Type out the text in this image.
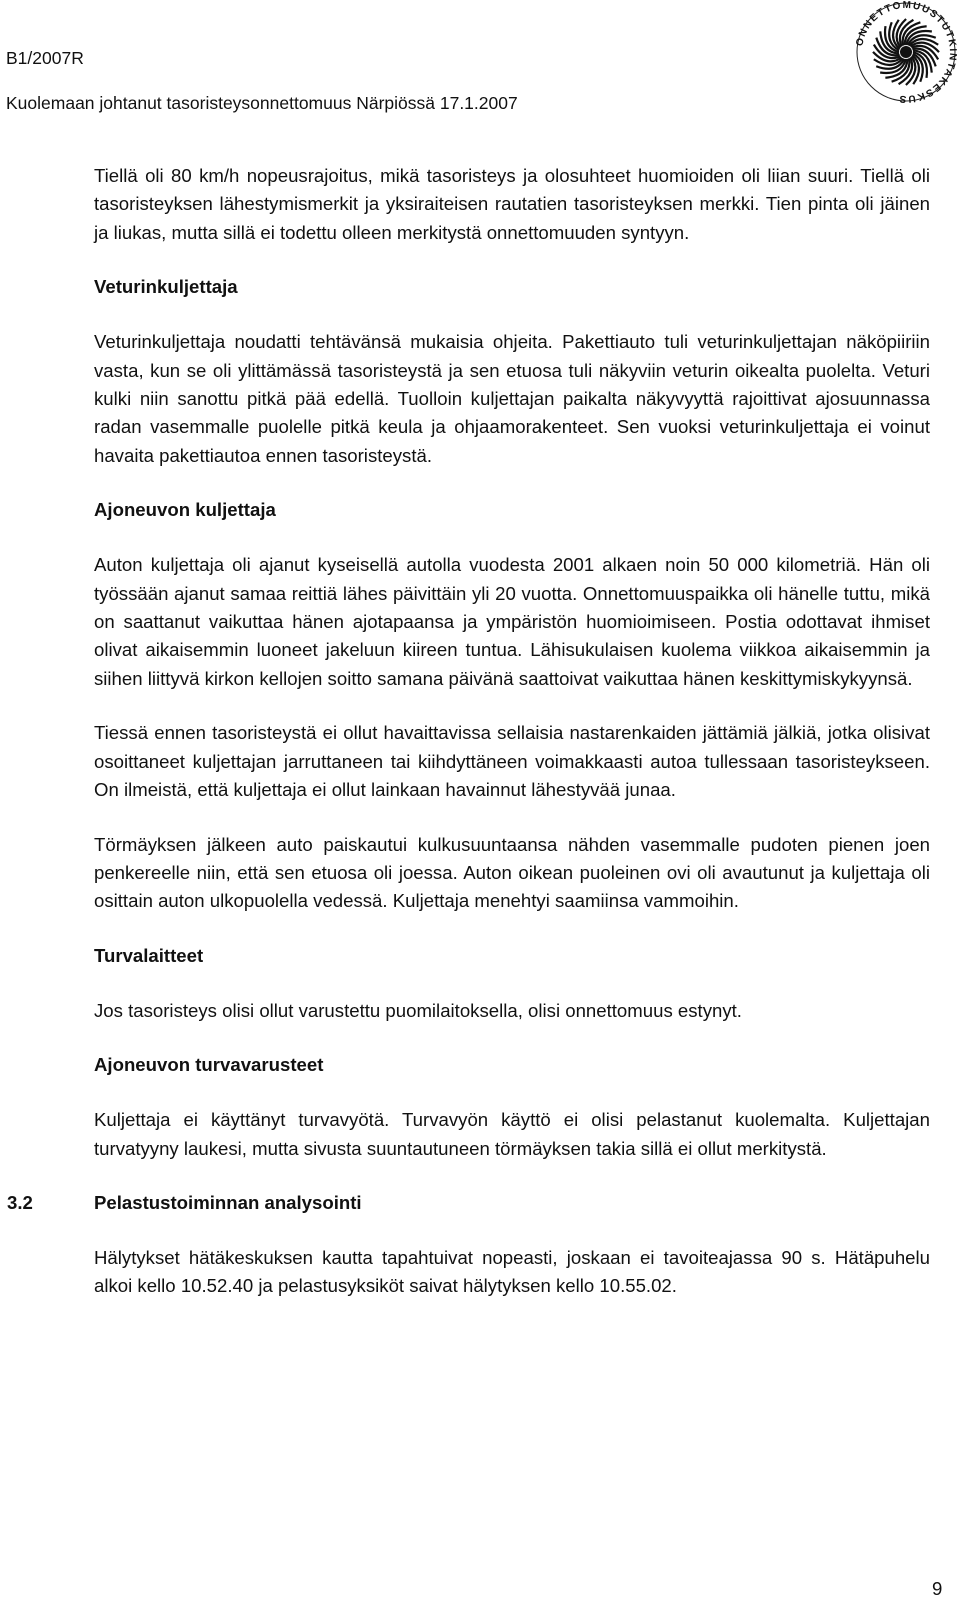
B1/2007R
Kuolemaan johtanut tasoristeysonnettomuus Närpiössä 17.1.2007
ONNETTOMUUSTUTKINTAKESKUS

Tiellä oli 80 km/h nopeusrajoitus, mikä tasoristeys ja olosuhteet huomioiden oli liian suuri. Tiellä oli tasoristeyksen lähestymismerkit ja yksiraiteisen rautatien tasoristeyksen merkki. Tien pinta oli jäinen ja liukas, mutta sillä ei todettu olleen merkitystä onnettomuuden syntyyn.

Veturinkuljettaja

Veturinkuljettaja noudatti tehtävänsä mukaisia ohjeita. Pakettiauto tuli veturinkuljettajan näköpiiriin vasta, kun se oli ylittämässä tasoristeystä ja sen etuosa tuli näkyviin veturin oikealta puolelta. Veturi kulki niin sanottu pitkä pää edellä. Tuolloin kuljettajan paikalta näkyvyyttä rajoittivat ajosuunnassa radan vasemmalle puolelle pitkä keula ja ohjaamorakenteet. Sen vuoksi veturinkuljettaja ei voinut havaita pakettiautoa ennen tasoristeystä.

Ajoneuvon kuljettaja

Auton kuljettaja oli ajanut kyseisellä autolla vuodesta 2001 alkaen noin 50 000 kilometriä. Hän oli työssään ajanut samaa reittiä lähes päivittäin yli 20 vuotta. Onnettomuuspaikka oli hänelle tuttu, mikä on saattanut vaikuttaa hänen ajotapaansa ja ympäristön huomioimiseen. Postia odottavat ihmiset olivat aikaisemmin luoneet jakeluun kiireen tuntua. Lähisukulaisen kuolema viikkoa aikaisemmin ja siihen liittyvä kirkon kellojen soitto samana päivänä saattoivat vaikuttaa hänen keskittymiskykyynsä.

Tiessä ennen tasoristeystä ei ollut havaittavissa sellaisia nastarenkaiden jättämiä jälkiä, jotka olisivat osoittaneet kuljettajan jarruttaneen tai kiihdyttäneen voimakkaasti autoa tullessaan tasoristeykseen. On ilmeistä, että kuljettaja ei ollut lainkaan havainnut lähestyvää junaa.

Törmäyksen jälkeen auto paiskautui kulkusuuntaansa nähden vasemmalle pudoten pienen joen penkereelle niin, että sen etuosa oli joessa. Auton oikean puoleinen ovi oli avautunut ja kuljettaja oli osittain auton ulkopuolella vedessä. Kuljettaja menehtyi saamiinsa vammoihin.

Turvalaitteet

Jos tasoristeys olisi ollut varustettu puomilaitoksella, olisi onnettomuus estynyt.

Ajoneuvon turvavarusteet

Kuljettaja ei käyttänyt turvavyötä. Turvavyön käyttö ei olisi pelastanut kuolemalta. Kuljettajan turvatyyny laukesi, mutta sivusta suuntautuneen törmäyksen takia sillä ei ollut merkitystä.

3.2	Pelastustoiminnan analysointi

Hälytykset hätäkeskuksen kautta tapahtuivat nopeasti, joskaan ei tavoiteajassa 90 s. Hätäpuhelu alkoi kello 10.52.40 ja pelastusyksiköt saivat hälytyksen kello 10.55.02.

9
